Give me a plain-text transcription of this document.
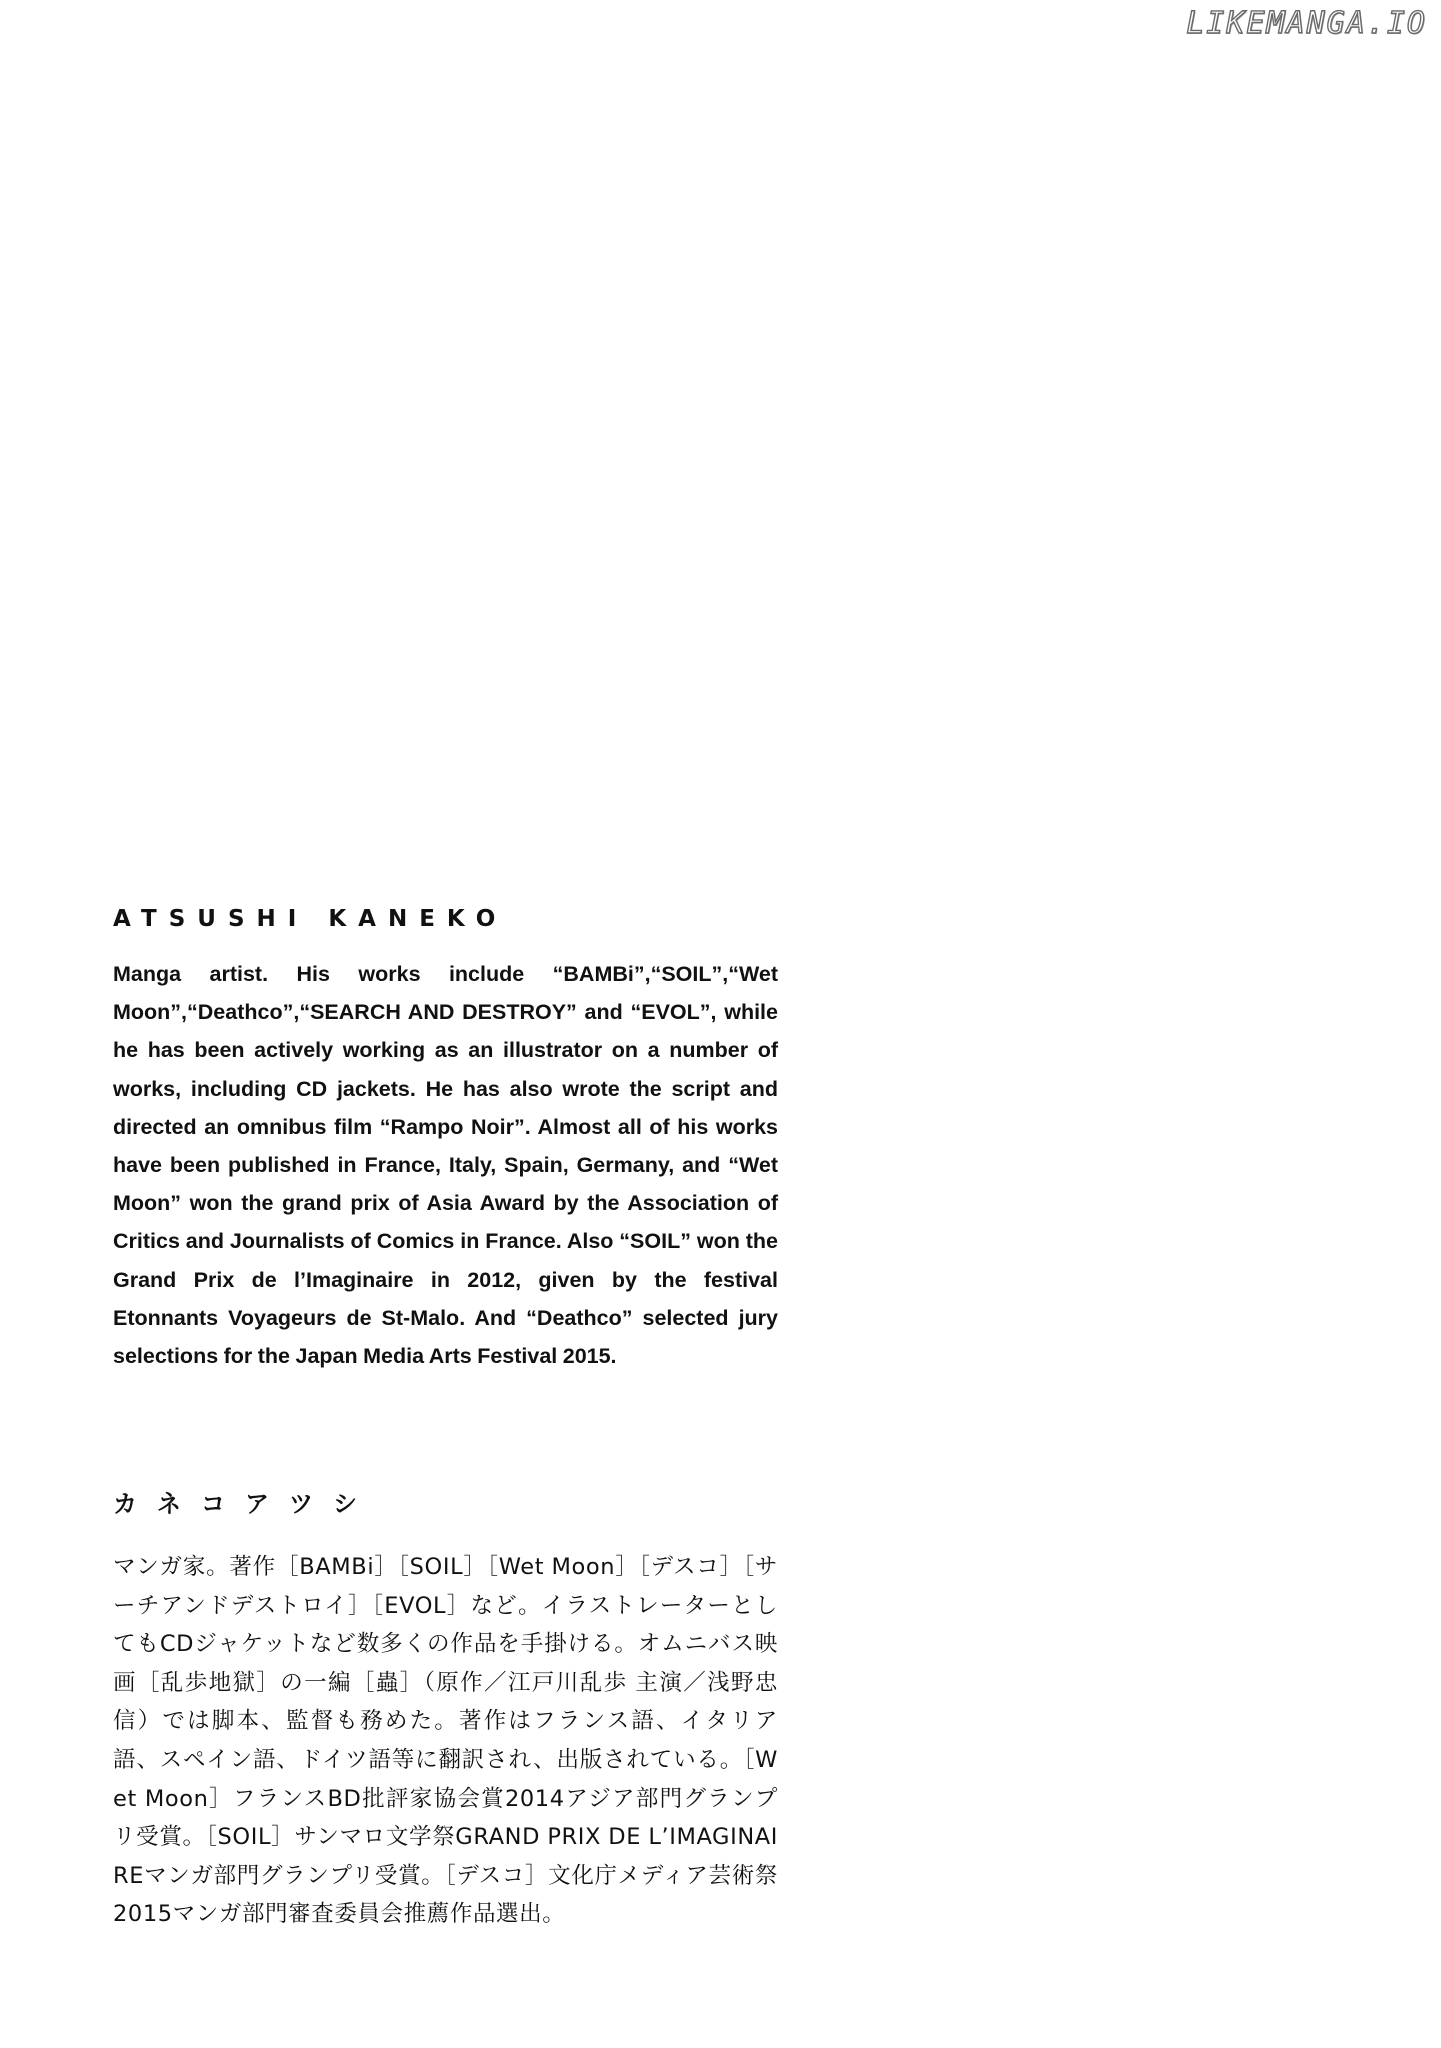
LIKEMANGA.IO
ATSUSHI KANEKO

Manga artist. His works include “BAMBi”,“SOIL”,“Wet Moon”,“Deathco”,“SEARCH AND DESTROY” and “EVOL”, while he has been actively working as an illustrator on a number of works, including CD jackets. He has also wrote the script and directed an omnibus film “Rampo Noir”. Almost all of his works have been published in France, Italy, Spain, Germany, and “Wet Moon” won the grand prix of Asia Award by the Association of Critics and Journalists of Comics in France. Also “SOIL” won the Grand Prix de l’Imaginaire in 2012, given by the festival Etonnants Voyageurs de St-Malo. And “Deathco” selected jury selections for the Japan Media Arts Festival 2015.

カネコアツシ

マンガ家。著作［BAMBi］［SOIL］［Wet Moon］［デスコ］［サーチアンドデストロイ］［EVOL］など。イラストレーターとしてもCDジャケットなど数多くの作品を手掛ける。オムニバス映画［乱歩地獄］の一編［蟲］（原作／江戸川乱歩 主演／浅野忠信）では脚本、監督も務めた。著作はフランス語、イタリア語、スペイン語、ドイツ語等に翻訳され、出版されている。［Wet Moon］フランスBD批評家協会賞2014アジア部門グランプリ受賞。［SOIL］サンマロ文学祭GRAND PRIX DE L’IMAGINAIREマンガ部門グランプリ受賞。［デスコ］文化庁メディア芸術祭2015マンガ部門審査委員会推薦作品選出。
